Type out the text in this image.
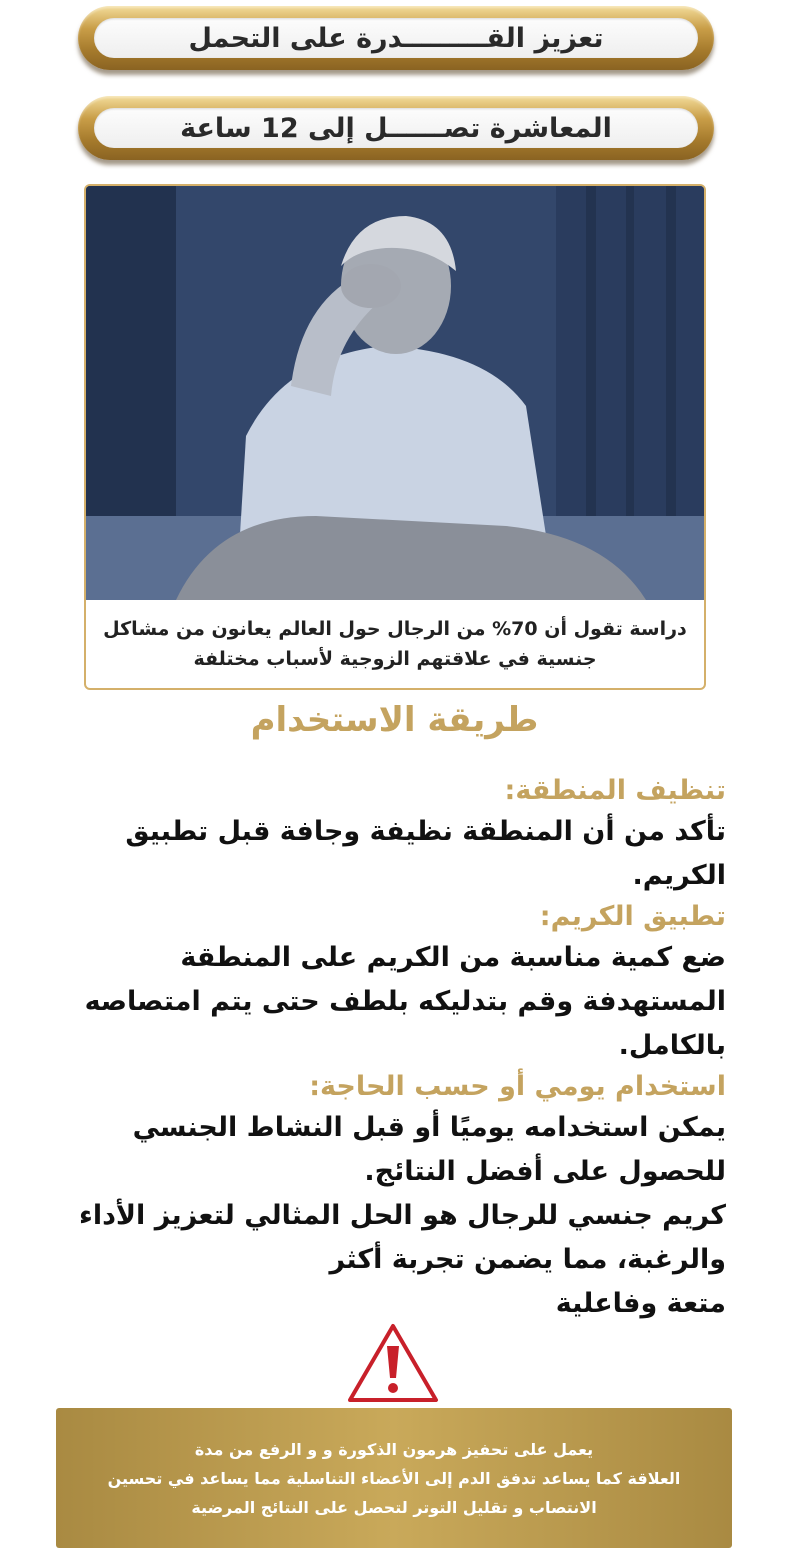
تعزيز القـــــــــدرة على التحمل
المعاشرة تصــــــل إلى 12 ساعة
دراسة تقول أن 70% من الرجال حول العالم يعانون من مشاكل
جنسية في علاقتهم الزوجية لأسباب مختلفة
طريقة الاستخدام
تنظيف المنطقة:
تأكد من أن المنطقة نظيفة وجافة قبل تطبيق الكريم.
تطبيق الكريم:
ضع كمية مناسبة من الكريم على المنطقة المستهدفة وقم بتدليكه بلطف حتى يتم امتصاصه بالكامل.
استخدام يومي أو حسب الحاجة:
يمكن استخدامه يوميًا أو قبل النشاط الجنسي للحصول على أفضل النتائج.
كريم جنسي للرجال هو الحل المثالي لتعزيز الأداء والرغبة، مما يضمن تجربة أكثر
متعة وفاعلية
يعمل على تحفيز هرمون الذكورة و و الرفع من مدة
العلاقة كما يساعد تدفق الدم إلى الأعضاء التناسلية مما يساعد في تحسين
الانتصاب و تقليل التوتر لتحصل على النتائج المرضية
